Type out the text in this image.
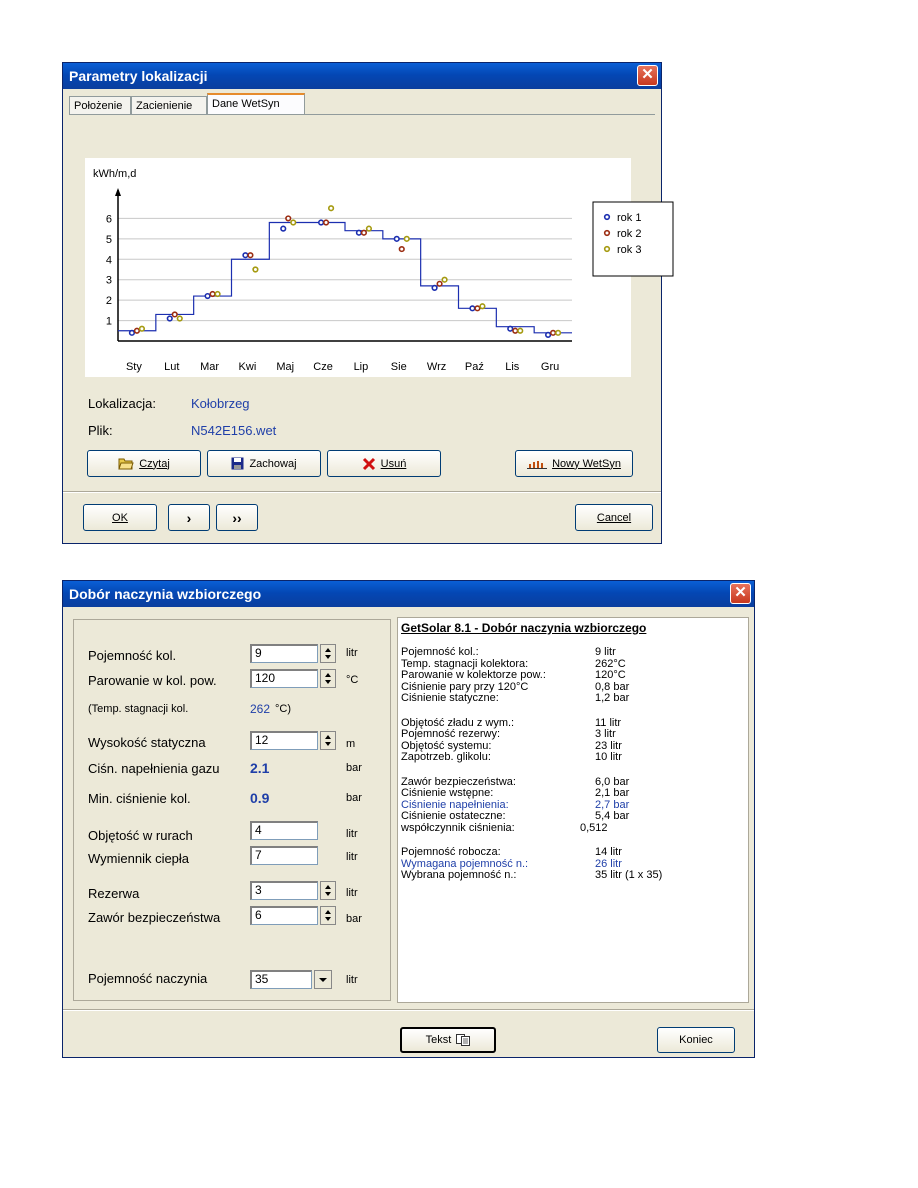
Parametry lokalizacji	✕
Położenie	Zacienienie	Dane WetSyn
kWh/m,d
1
2
3
4
5
6
Sty Lut Mar Kwi Maj Cze Lip Sie Wrz Paź Lis Gru
rok 1
rok 2
rok 3
Lokalizacja:	Kołobrzeg
Plik:	N542E156.wet
Czytaj	Zachowaj	Usuń	Nowy WetSyn
OK	›	››	Cancel
Dobór naczynia wzbiorczego	✕
Pojemność kol.	9	litr
Parowanie w kol. pow.	120	°C
(Temp. stagnacji kol.	262 °C)
Wysokość statyczna	12	m
Ciśn. napełnienia gazu 2.1	bar
Min. ciśnienie kol.	0.9	bar
Objętość w rurach	4	litr
Wymiennik ciepła	7	litr
Rezerwa	3	litr
Zawór bezpieczeństwa	6	bar
Pojemność naczynia	35	litr
GetSolar 8.1 - Dobór naczynia wzbiorczego
Pojemność kol.:	9 litr
Temp. stagnacji kolektora:	262°C
Parowanie w kolektorze pow.:	120°C
Ciśnienie pary przy 120°C	0,8 bar
Ciśnienie statyczne:	1,2 bar
Objętość zładu z wym.:	11 litr
Pojemność rezerwy:	3 litr
Objętość systemu:	23 litr
Zapotrzeb. glikolu:	10 litr
Zawór bezpieczeństwa:	6,0 bar
Ciśnienie wstępne:	2,1 bar
Ciśnienie napełnienia:	2,7 bar
Ciśnienie ostateczne:	5,4 bar
współczynnik ciśnienia:	0,512
Pojemność robocza:	14 litr
Wymagana pojemność n.:	26 litr
Wybrana pojemność n.:	35 litr (1 x 35)
Tekst	Koniec
